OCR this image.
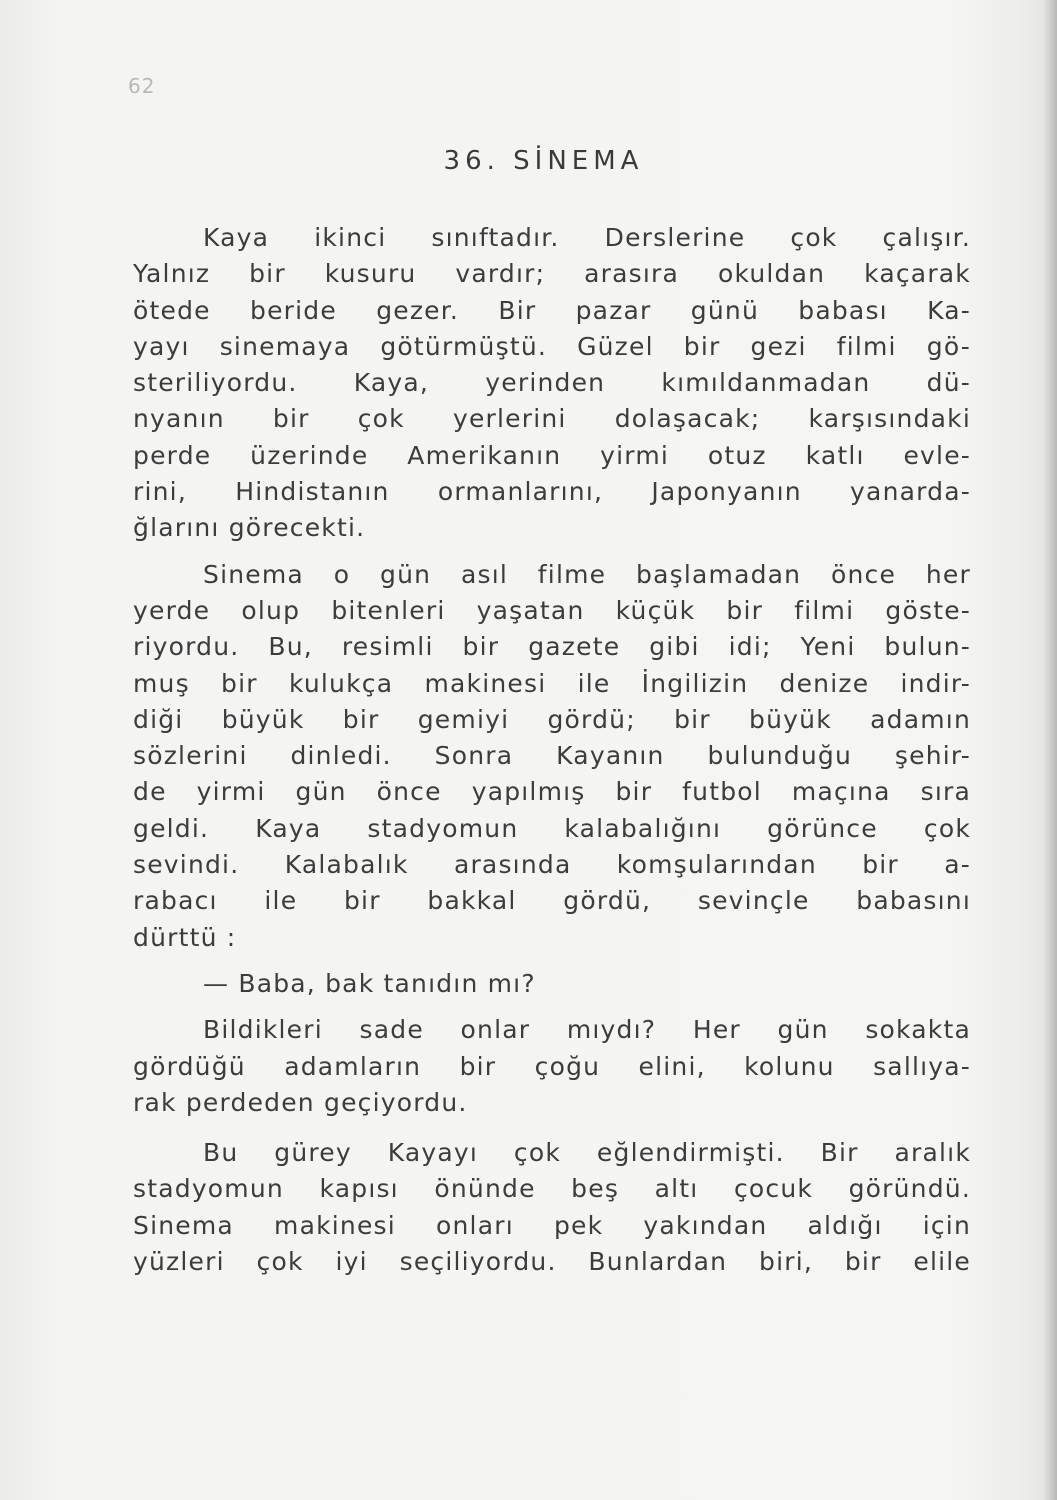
62
36. SİNEMA
Kaya ikinci sınıftadır. Derslerine çok çalışır.
Yalnız bir kusuru vardır; arasıra okuldan kaçarak
ötede beride gezer. Bir pazar günü babası Ka-
yayı sinemaya götürmüştü. Güzel bir gezi filmi gö-
steriliyordu. Kaya, yerinden kımıldanmadan dü-
nyanın bir çok yerlerini dolaşacak; karşısındaki
perde üzerinde Amerikanın yirmi otuz katlı evle-
rini, Hindistanın ormanlarını, Japonyanın yanarda-
ğlarını görecekti.
Sinema o gün asıl filme başlamadan önce her
yerde olup bitenleri yaşatan küçük bir filmi göste-
riyordu. Bu, resimli bir gazete gibi idi; Yeni bulun-
muş bir kulukça makinesi ile İngilizin denize indir-
diği büyük bir gemiyi gördü; bir büyük adamın
sözlerini dinledi. Sonra Kayanın bulunduğu şehir-
de yirmi gün önce yapılmış bir futbol maçına sıra
geldi. Kaya stadyomun kalabalığını görünce çok
sevindi. Kalabalık arasında komşularından bir a-
rabacı ile bir bakkal gördü, sevinçle babasını
dürttü :
— Baba, bak tanıdın mı?
Bildikleri sade onlar mıydı? Her gün sokakta
gördüğü adamların bir çoğu elini, kolunu sallıya-
rak perdeden geçiyordu.
Bu gürey Kayayı çok eğlendirmişti. Bir aralık
stadyomun kapısı önünde beş altı çocuk göründü.
Sinema makinesi onları pek yakından aldığı için
yüzleri çok iyi seçiliyordu. Bunlardan biri, bir elile
